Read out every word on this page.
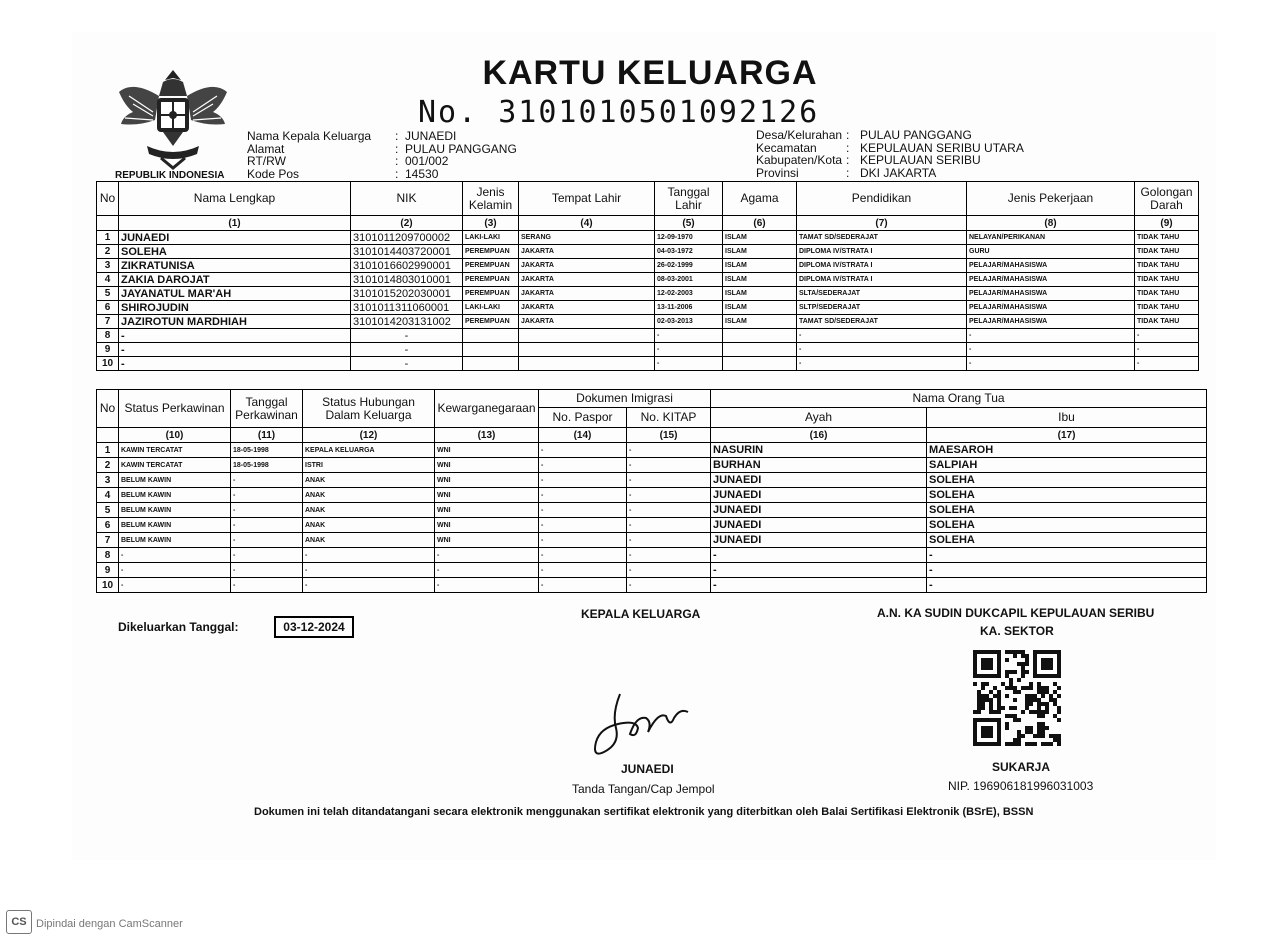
REPUBLIK INDONESIA
KARTU KELUARGA
No. 3101010501092126
Nama Kepala Keluarga	: JUNAEDI
Alamat	: PULAU PANGGANG
RT/RW	: 001/002
Kode Pos	: 14530
Desa/Kelurahan : PULAU PANGGANG
Kecamatan	: KEPULAUAN SERIBU UTARA
Kabupaten/Kota : KEPULAUAN SERIBU
Provinsi	: DKI JAKARTA
No	Nama Lengkap	NIK	Jenis Kelamin	Tempat Lahir	Tanggal Lahir	Agama	Pendidikan	Jenis Pekerjaan	Golongan Darah
	(1)	(2)	(3)	(4)	(5)	(6)	(7)	(8)	(9)
1	JUNAEDI	3101011209700002	LAKI-LAKI	SERANG	12-09-1970	ISLAM	TAMAT SD/SEDERAJAT	NELAYAN/PERIKANAN	TIDAK TAHU
2	SOLEHA	3101014403720001	PEREMPUAN	JAKARTA	04-03-1972	ISLAM	DIPLOMA IV/STRATA I	GURU	TIDAK TAHU
3	ZIKRATUNISA	3101016602990001	PEREMPUAN	JAKARTA	26-02-1999	ISLAM	DIPLOMA IV/STRATA I	PELAJAR/MAHASISWA	TIDAK TAHU
4	ZAKIA DAROJAT	3101014803010001	PEREMPUAN	JAKARTA	08-03-2001	ISLAM	DIPLOMA IV/STRATA I	PELAJAR/MAHASISWA	TIDAK TAHU
5	JAYANATUL MAR'AH	3101015202030001	PEREMPUAN	JAKARTA	12-02-2003	ISLAM	SLTA/SEDERAJAT	PELAJAR/MAHASISWA	TIDAK TAHU
6	SHIROJUDIN	3101011311060001	LAKI-LAKI	JAKARTA	13-11-2006	ISLAM	SLTP/SEDERAJAT	PELAJAR/MAHASISWA	TIDAK TAHU
7	JAZIROTUN MARDHIAH	3101014203131002	PEREMPUAN	JAKARTA	02-03-2013	ISLAM	TAMAT SD/SEDERAJAT	PELAJAR/MAHASISWA	TIDAK TAHU
8	-	-			-		-	-	-
9	-	-			-		-	-	-
10	-	-			-		-	-	-
No	Status Perkawinan	Tanggal Perkawinan	Status Hubungan Dalam Keluarga	Kewarganegaraan	Dokumen Imigrasi		Nama Orang Tua	
					No. Paspor	No. KITAP	Ayah	Ibu
	(10)	(11)	(12)	(13)	(14)	(15)	(16)	(17)
1	KAWIN TERCATAT	18-05-1998	KEPALA KELUARGA	WNI	-	-	NASURIN	MAESAROH
2	KAWIN TERCATAT	18-05-1998	ISTRI	WNI	-	-	BURHAN	SALPIAH
3	BELUM KAWIN	-	ANAK	WNI	-	-	JUNAEDI	SOLEHA
4	BELUM KAWIN	-	ANAK	WNI	-	-	JUNAEDI	SOLEHA
5	BELUM KAWIN	-	ANAK	WNI	-	-	JUNAEDI	SOLEHA
6	BELUM KAWIN	-	ANAK	WNI	-	-	JUNAEDI	SOLEHA
7	BELUM KAWIN	-	ANAK	WNI	-	-	JUNAEDI	SOLEHA
8	-	-	-	-	-	-	-	-
9	-	-	-	-	-	-	-	-
10	-	-	-	-	-	-	-	-
Dikeluarkan Tanggal:	03-12-2024
KEPALA KELUARGA
JUNAEDI
Tanda Tangan/Cap Jempol
A.N. KA SUDIN DUKCAPIL KEPULAUAN SERIBU
KA. SEKTOR
SUKARJA
NIP. 196906181996031003
Dokumen ini telah ditandatangani secara elektronik menggunakan sertifikat elektronik yang diterbitkan oleh Balai Sertifikasi Elektronik (BSrE), BSSN
CS Dipindai dengan CamScanner
